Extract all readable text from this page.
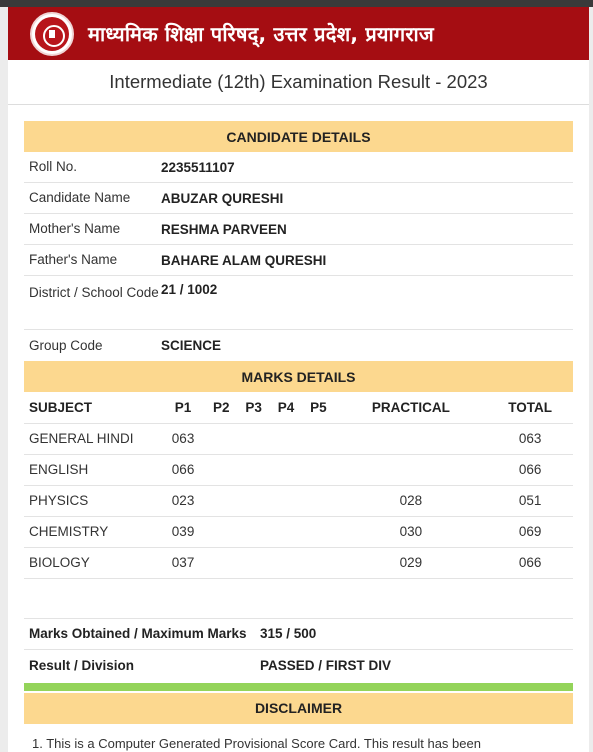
माध्यमिक शिक्षा परिषद्, उत्तर प्रदेश, प्रयागराज
Intermediate (12th) Examination Result - 2023
CANDIDATE DETAILS
Roll No.	2235511107
Candidate Name	ABUZAR QURESHI
Mother's Name	RESHMA PARVEEN
Father's Name	BAHARE ALAM QURESHI
District / School Code 21 / 1002
Group Code	SCIENCE
MARKS DETAILS
SUBJECT	P1	P2	P3	P4	P5	PRACTICAL	TOTAL
GENERAL HINDI	063						063
ENGLISH	066						066
PHYSICS	023					028	051
CHEMISTRY	039					030	069
BIOLOGY	037					029	066
Marks Obtained / Maximum Marks 315 / 500
Result / Division	PASSED / FIRST DIV
DISCLAIMER
1. This is a Computer Generated Provisional Score Card. This result has been
